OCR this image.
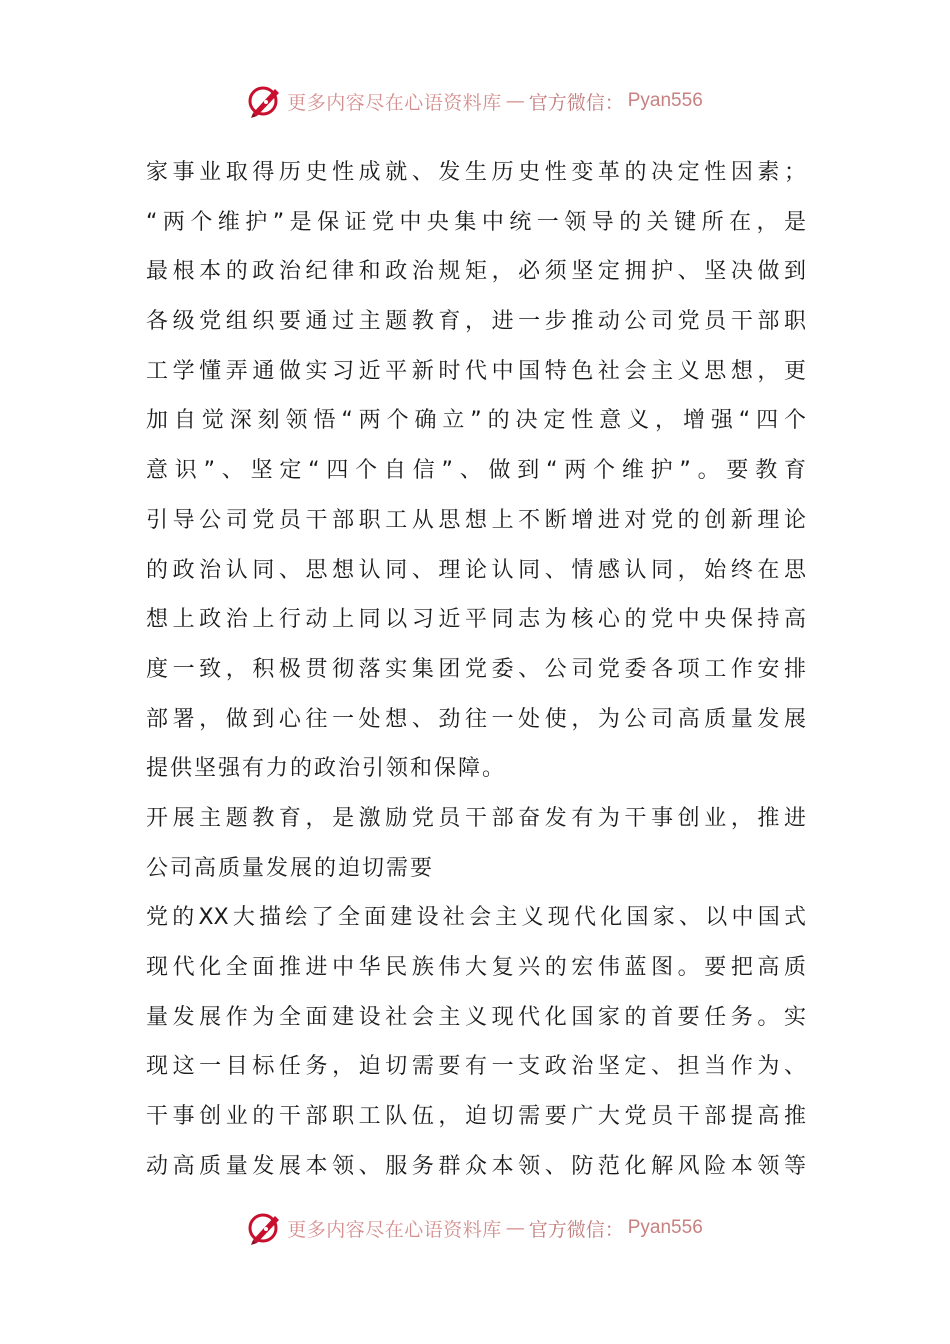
更多内容尽在心语资料库 — 官方微信： Pyan556
家事业取得历史性成就、发生历史性变革的决定性因素；
“两个维护”是保证党中央集中统一领导的关键所在，是
最根本的政治纪律和政治规矩，必须坚定拥护、坚决做到
各级党组织要通过主题教育，进一步推动公司党员干部职
工学懂弄通做实习近平新时代中国特色社会主义思想，更
加自觉深刻领悟“两个确立”的决定性意义，增强“四个
意识”、坚定“四个自信”、做到“两个维护”。要教育
引导公司党员干部职工从思想上不断增进对党的创新理论
的政治认同、思想认同、理论认同、情感认同，始终在思
想上政治上行动上同以习近平同志为核心的党中央保持高
度一致，积极贯彻落实集团党委、公司党委各项工作安排
部署，做到心往一处想、劲往一处使，为公司高质量发展
提供坚强有力的政治引领和保障。
开展主题教育，是激励党员干部奋发有为干事创业，推进
公司高质量发展的迫切需要
党的XX大描绘了全面建设社会主义现代化国家、以中国式
现代化全面推进中华民族伟大复兴的宏伟蓝图。要把高质
量发展作为全面建设社会主义现代化国家的首要任务。实
现这一目标任务，迫切需要有一支政治坚定、担当作为、
干事创业的干部职工队伍，迫切需要广大党员干部提高推
动高质量发展本领、服务群众本领、防范化解风险本领等
更多内容尽在心语资料库 — 官方微信： Pyan556
